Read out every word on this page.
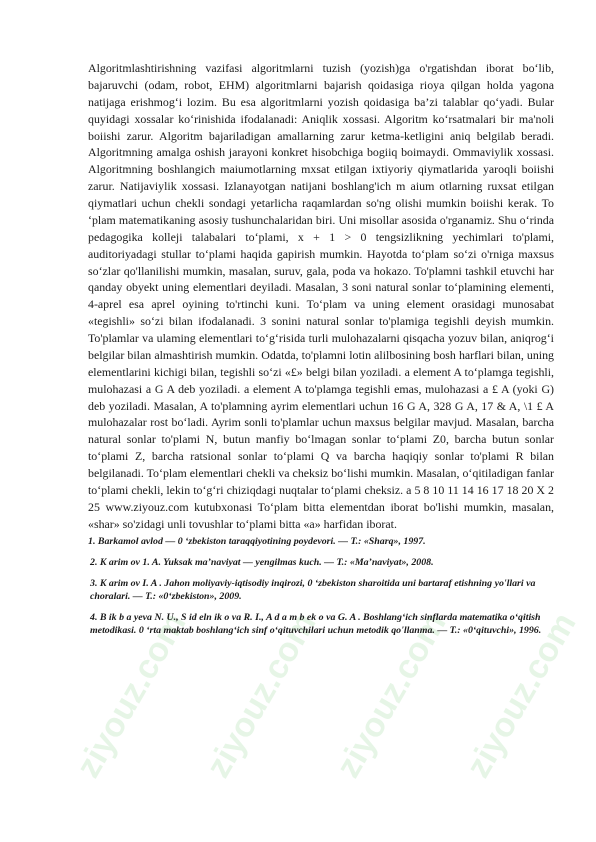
ziyouz.com ziyouz.com ziyouz.com ziyouz.com

Algoritmlashtirishning vazifasi algoritmlarni tuzish (yozish)ga o'rgatishdan iborat bo‘lib, bajaruvchi (odam, robot, EHM) algoritmlarni bajarish qoidasiga rioya qilgan holda yagona natijaga erishmog‘i lozim. Bu esa algoritmlarni yozish qoidasiga ba’zi talablar qo‘yadi. Bular quyidagi xossalar ko‘rinishida ifodalanadi: Aniqlik xossasi. Algoritm ko‘rsatmalari bir ma'noli boiishi zarur. Algoritm bajariladigan amallarning zarur ketma-ketligini aniq belgilab beradi. Algoritmning amalga oshish jarayoni konkret hisobchiga bogiiq boimaydi. Ommaviylik xossasi. Algoritmning boshlangich maiumotlarning mxsat etilgan ixtiyoriy qiymatlarida yaroqli boiishi zarur. Natijaviylik xossasi. Izlanayotgan natijani boshlang'ich m aium otlarning ruxsat etilgan qiymatlari uchun chekli sondagi yetarlicha raqamlardan so'ng olishi mumkin boiishi kerak. To ‘plam matematikaning asosiy tushunchalaridan biri. Uni misollar asosida o'rganamiz. Shu o‘rinda pedagogika kolleji talabalari to‘plami, x + 1 > 0 tengsizlikning yechimlari to'plami, auditoriyadagi stullar to‘plami haqida gapirish mumkin. Hayotda to‘plam so‘zi o'rniga maxsus so‘zlar qo'llanilishi mumkin, masalan, suruv, gala, poda va hokazo. To'plamni tashkil etuvchi har qanday obyekt uning elementlari deyiladi. Masalan, 3 soni natural sonlar to‘plamining elementi, 4-aprel esa aprel oyining to'rtinchi kuni. To‘plam va uning element orasidagi munosabat «tegishli» so‘zi bilan ifodalanadi. 3 sonini natural sonlar to'plamiga tegishli deyish mumkin. To'plamlar va ulaming elementlari to‘g‘risida turli mulohazalarni qisqacha yozuv bilan, aniqrog‘i belgilar bilan almashtirish mumkin. Odatda, to'plamni lotin alilbosining bosh harflari bilan, uning elementlarini kichigi bilan, tegishli so‘zi «£» belgi bilan yoziladi. a element A to‘plamga tegishli, mulohazasi a G A deb yoziladi. a element A to'plamga tegishli emas, mulohazasi a £ A (yoki G) deb yoziladi. Masalan, A to'plamning ayrim elementlari uchun 16 G A, 328 G A, 17 & A, \1 £ A mulohazalar rost bo‘ladi. Ayrim sonli to'plamlar uchun maxsus belgilar mavjud. Masalan, barcha natural sonlar to'plami N, butun manfiy bo‘lmagan sonlar to‘plami Z0, barcha butun sonlar to‘plami Z, barcha ratsional sonlar to‘plami Q va barcha haqiqiy sonlar to'plami R bilan belgilanadi. To‘plam elementlari chekli va cheksiz bo‘lishi mumkin. Masalan, o‘qitiladigan fanlar to‘plami chekli, lekin to‘g‘ri chiziqdagi nuqtalar to‘plami cheksiz. a 5 8 10 11 14 16 17 18 20 X 2 25 www.ziyouz.com kutubxonasi To‘plam bitta elementdan iborat bo'lishi mumkin, masalan, «shar» so'zidagi unli tovushlar to‘plami bitta «a» harfidan iborat.

1. Barkamol avlod — 0 ‘zbekiston taraqqiyotining poydevori. — T.: «Sharq», 1997.

2. K arim ov 1. A. Yuksak ma’naviyat — yengilmas kuch. — T.: «Ma’naviyat», 2008.

3. K arim ov I. A . Jahon moliyaviy-iqtisodiy inqirozi, 0 ‘zbekiston sharoitida uni bartaraf etishning yo'llari va choralari. — T.: «0‘zbekiston», 2009.

4. B ik b a yeva N. U., S id eln ik o va R. I., A d a m b ek o va G. A . Boshlang‘ich sinflarda matematika o‘qitish metodikasi. 0 ‘rta maktab boshlang‘ich sinf o‘qituvchilari uchun metodik qo'llanma. — T.: «0‘qituvchi», 1996.
